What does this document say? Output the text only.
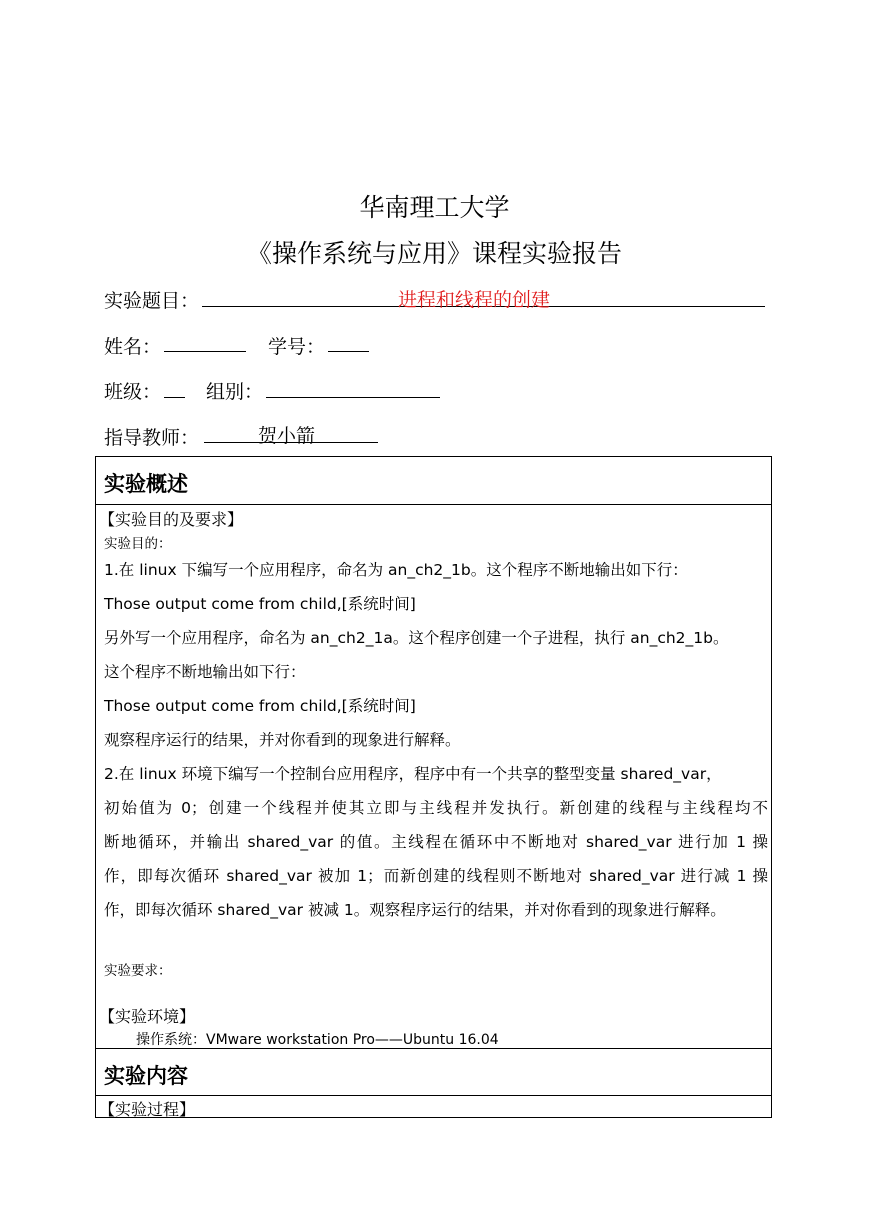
华南理工大学
《操作系统与应用》课程实验报告
实验题目：	进程和线程的创建
姓名：	学号：
班级： 组别：
指导教师：	贺小箭
实验概述
【实验目的及要求】
实验目的：

1.在 linux 下编写一个应用程序，命名为 an_ch2_1b。这个程序不断地输出如下行：

Those output come from child,[系统时间]

另外写一个应用程序，命名为 an_ch2_1a。这个程序创建一个子进程，执行 an_ch2_1b。

这个程序不断地输出如下行：

Those output come from child,[系统时间]

观察程序运行的结果，并对你看到的现象进行解释。

2.在 linux 环境下编写一个控制台应用程序，程序中有一个共享的整型变量 shared_var，

初始值为 0；创建一个线程并使其立即与主线程并发执行。新创建的线程与主线程均不

断地循环，并输出 shared_var 的值。主线程在循环中不断地对 shared_var 进行加 1 操

作，即每次循环 shared_var 被加 1；而新创建的线程则不断地对 shared_var 进行减 1 操

作，即每次循环 shared_var 被减 1。观察程序运行的结果，并对你看到的现象进行解释。

实验要求：
【实验环境】
操作系统：VMware workstation Pro——Ubuntu 16.04
实验内容
【实验过程】
